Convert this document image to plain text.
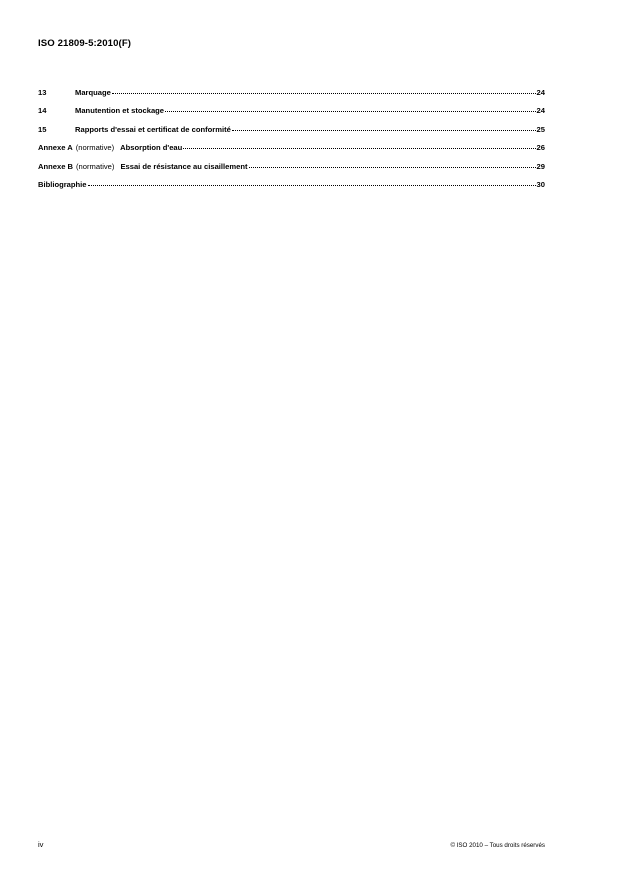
ISO 21809-5:2010(F)
13	Marquage	24
14	Manutention et stockage	24
15	Rapports d'essai et certificat de conformité	25
Annexe A (normative) Absorption d'eau	26
Annexe B (normative) Essai de résistance au cisaillement	29
Bibliographie	30
iv	© ISO 2010 – Tous droits réservés
